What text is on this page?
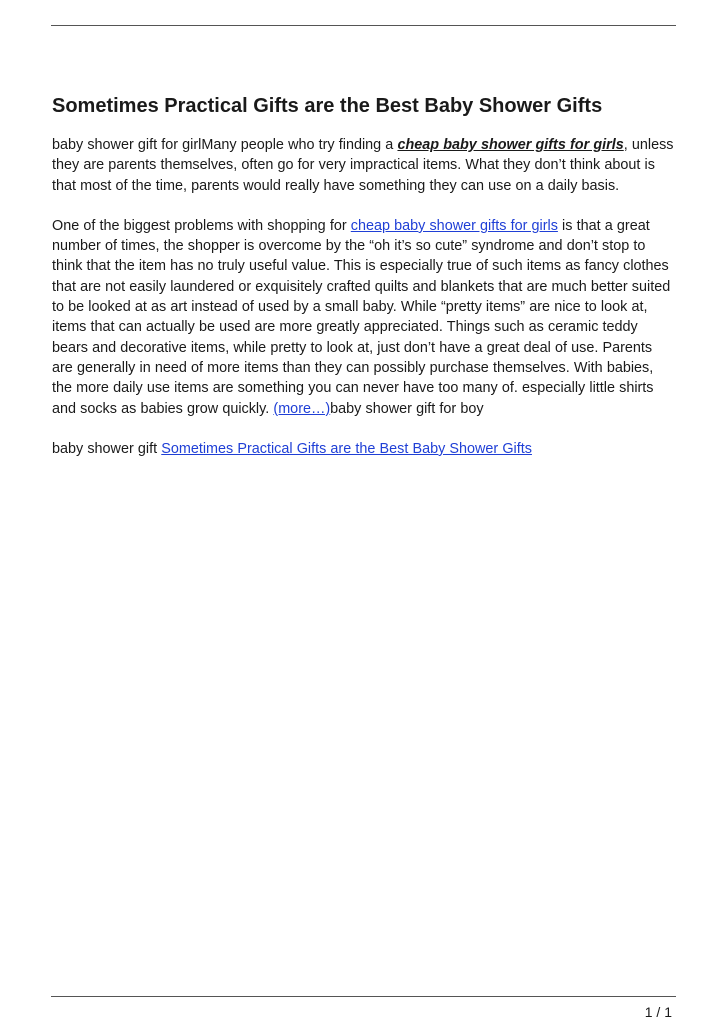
Sometimes Practical Gifts are the Best Baby Shower Gifts

baby shower gift for girlMany people who try finding a cheap baby shower gifts for girls, unless they are parents themselves, often go for very impractical items. What they don’t think about is that most of the time, parents would really have something they can use on a daily basis.

One of the biggest problems with shopping for cheap baby shower gifts for girls is that a great number of times, the shopper is overcome by the “oh it’s so cute” syndrome and don’t stop to think that the item has no truly useful value. This is especially true of such items as fancy clothes that are not easily laundered or exquisitely crafted quilts and blankets that are much better suited to be looked at as art instead of used by a small baby. While “pretty items” are nice to look at, items that can actually be used are more greatly appreciated. Things such as ceramic teddy bears and decorative items, while pretty to look at, just don’t have a great deal of use. Parents are generally in need of more items than they can possibly purchase themselves. With babies, the more daily use items are something you can never have too many of. especially little shirts and socks as babies grow quickly. (more…)baby shower gift for boy

baby shower gift Sometimes Practical Gifts are the Best Baby Shower Gifts

1 / 1
